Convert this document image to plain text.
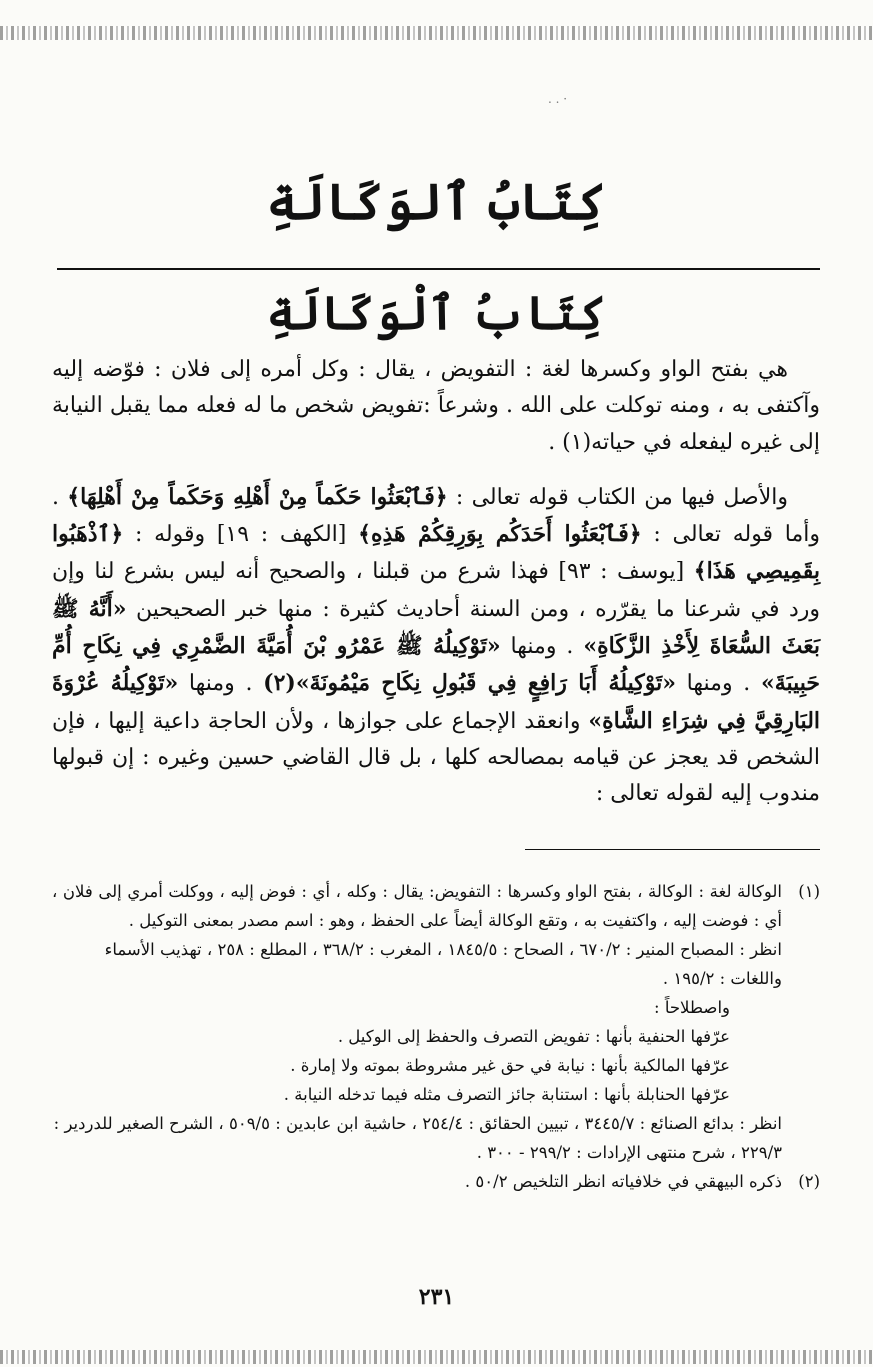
· . .
كِتَابُ ٱلوَكَالَةِ
كِتَابُ ٱلْوَكَالَةِ

هي بفتح الواو وكسرها لغة : التفويض ، يقال : وكل أمره إلى فلان : فوّضه إليه وآكتفى به ، ومنه توكلت على الله . وشرعاً :تفويض شخص ما له فعله مما يقبل النيابة إلى غيره ليفعله في حياته(١) .

والأصل فيها من الكتاب قوله تعالى : ﴿فَٱبْعَثُوا حَكَماً مِنْ أَهْلِهِ وَحَكَماً مِنْ أَهْلِهَا﴾ . وأما قوله تعالى : ﴿فَٱبْعَثُوا أَحَدَكُم بِوَرِقِكُمْ هَذِهِ﴾ [الكهف : ١٩] وقوله : ﴿ٱذْهَبُوا بِقَمِيصِي هَذَا﴾ [يوسف : ٩٣] فهذا شرع من قبلنا ، والصحيح أنه ليس بشرع لنا وإن ورد في شرعنا ما يقرّره ، ومن السنة أحاديث كثيرة : منها خبر الصحيحين «أَنَّهُ ﷺ بَعَثَ السُّعَاةَ لِأَخْذِ الزَّكَاةِ» . ومنها «تَوْكِيلُهُ ﷺ عَمْرُو بْنَ أُمَيَّةَ الضَّمْرِي فِي نِكَاحِ أُمِّ حَبِيبَةَ» . ومنها «تَوْكِيلُهُ أَبَا رَافِعٍ فِي قَبُولِ نِكَاحِ مَيْمُونَةَ»(٢) . ومنها «تَوْكِيلُهُ عُرْوَةَ البَارِقِيَّ فِي شِرَاءِ الشَّاةِ» وانعقد الإجماع على جوازها ، ولأن الحاجة داعية إليها ، فإن الشخص قد يعجز عن قيامه بمصالحه كلها ، بل قال القاضي حسين وغيره : إن قبولها مندوب إليه لقوله تعالى :

(١)
الوكالة لغة : الوكالة ، بفتح الواو وكسرها : التفويض: يقال : وكله ، أي : فوض إليه ، ووكلت أمري إلى فلان ، أي : فوضت إليه ، واكتفيت به ، وتقع الوكالة أيضاً على الحفظ ، وهو : اسم مصدر بمعنى التوكيل .
انظر : المصباح المنير : ٦٧٠/٢ ، الصحاح : ١٨٤٥/٥ ، المغرب : ٣٦٨/٢ ، المطلع : ٢٥٨ ، تهذيب الأسماء واللغات : ١٩٥/٢ .
واصطلاحاً :
عرّفها الحنفية بأنها : تفويض التصرف والحفظ إلى الوكيل .
عرّفها المالكية بأنها : نيابة في حق غير مشروطة بموته ولا إمارة .
عرّفها الحنابلة بأنها : استنابة جائز التصرف مثله فيما تدخله النيابة .
انظر : بدائع الصنائع : ٣٤٤٥/٧ ، تبيين الحقائق : ٢٥٤/٤ ، حاشية ابن عابدين : ٥٠٩/٥ ، الشرح الصغير للدردير : ٢٢٩/٣ ، شرح منتهى الإرادات : ٢٩٩/٢ - ٣٠٠ .
(٢)
ذكره البيهقي في خلافياته انظر التلخيص ٥٠/٢ .
٢٣١
